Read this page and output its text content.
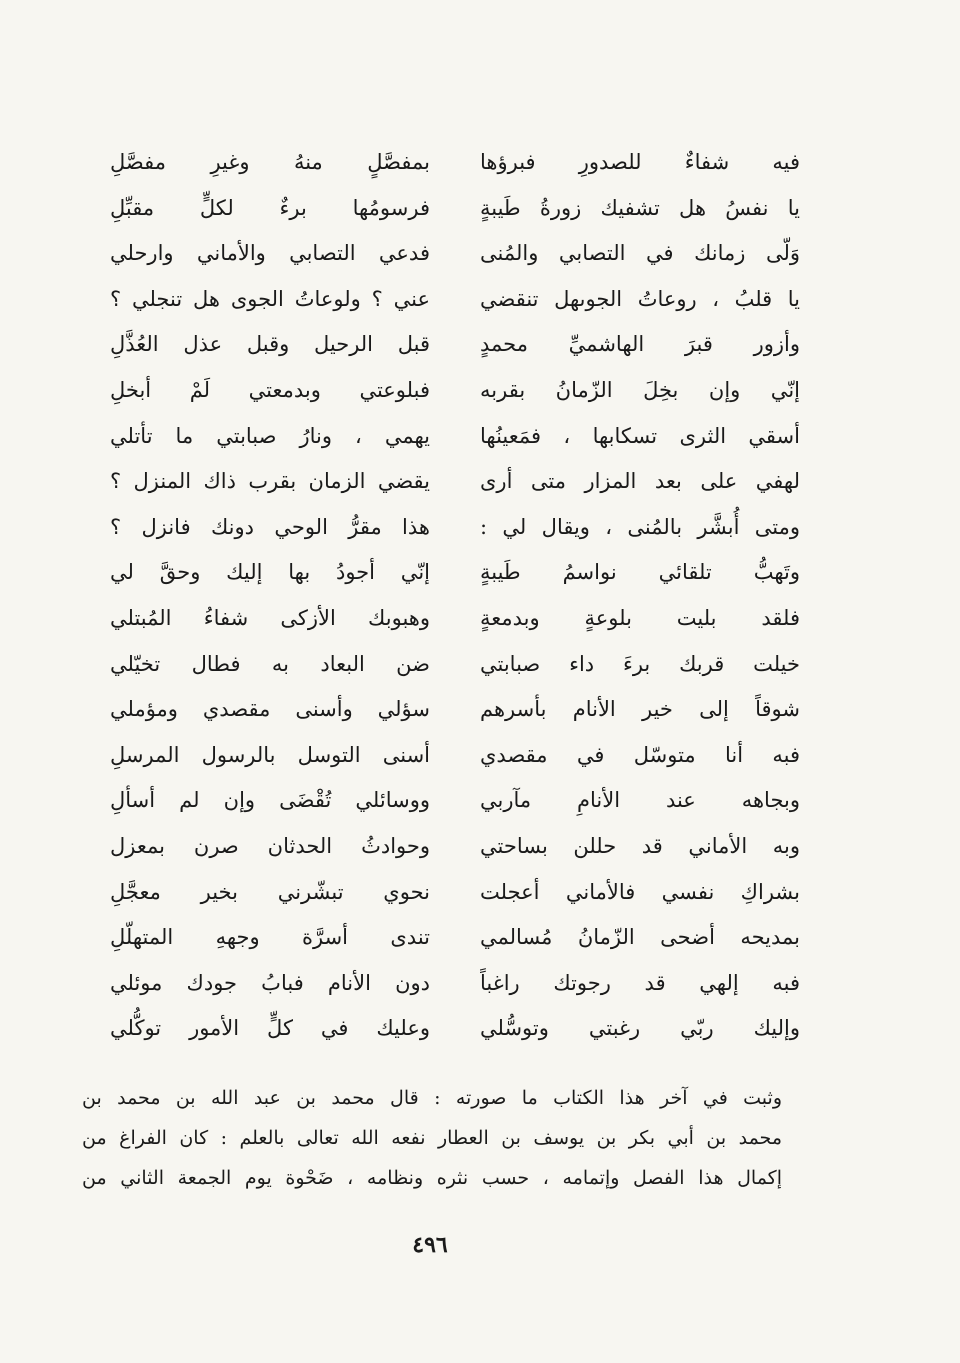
فيه شفاءٌ للصدورِ فبرؤها
بمفصَّلٍ منهُ وغيرِ مفصَّلِ
يا نفسُ هل تشفيك زورةُ طَيبةٍ
فرسومُها برءٌ لكلٍّ مقبِّلِ
وَلّى زمانك في التصابي والمُنى
فدعي التصابي والأماني وارحلي
يا قلبُ ، روعاتُ الجوىهل تنقضي
عني ؟ ولوعاتُ الجوى هل تنجلي ؟
وأزور قبرَ الهاشميِّ محمدٍ
قبل الرحيل وقبل عذل العُذَّلِ
إنّي وإن بخِلَ الزّمانُ بقربه
فبلوعتي وبدمعتي لَمْ أبخلِ
أسقي الثرى تسكابها ، فمَعينُها
يهمي ، ونارُ صبابتي ما تأتلي
لهفي على بعد المزار متى أرى
يقضي الزمان بقرب ذاك المنزل ؟
ومتى أُبشَّر بالمُنى ، ويقال لي :
هذا مقرُّ الوحي دونك فانزل ؟
وتَهبُّ تلقائي نواسمُ طَيبةٍ
إنّي أجودُ بها إليك وحقَّ لي
فلقد بليت بلوعةٍ وبدمعةٍ
وهبوبك الأزكى شفاءُ المُبتلي
خيلت قربك برءَ داء صبابتي
ضن البعاد به فطال تخيّلي
شوقاً إلى خير الأنام بأسرهم
سؤلي وأسنى مقصدي ومؤملي
فبه أنا متوسّل في مقصدي
أسنى التوسل بالرسول المرسلِ
وبجاهه عند الأنامِ مآربي
ووسائلي تُقْضَى وإن لم أسألِ
وبه الأماني قد حللن بساحتي
وحوادثُ الحدثان صرن بمعزل
بشراكِ نفسي فالأماني أعجلت
نحوي تبشّرني بخير معجَّلِ
بمديحه أضحى الزّمانُ مُسالمي
تندى أسرَّة وجههِ المتهلّلِ
فبه إلهي قد رجوتك راغباً
دون الأنام فبابُ جودك موئلي
وإليك ربّي رغبتي وتوسُّلي
وعليك في كلٍّ الأمور توكُّلي
وثبت في آخر هذا الكتاب ما صورته : قال محمد بن عبد الله بن محمد بن
محمد بن أبي بكر بن يوسف بن العطار نفعه الله تعالى بالعلم : كان الفراغ من
إكمال هذا الفصل وإتمامه ، حسب نثره ونظامه ، ضَحْوة يوم الجمعة الثاني من
٤٩٦
